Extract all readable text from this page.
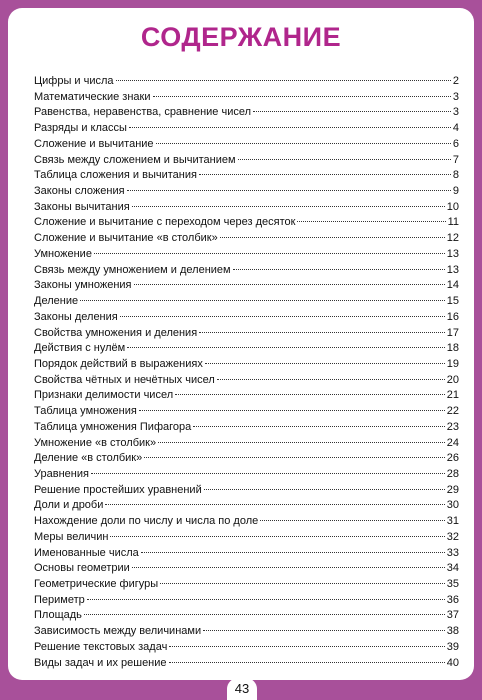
СОДЕРЖАНИЕ
Цифры и числа	2
Математические знаки	3
Равенства, неравенства, сравнение чисел	3
Разряды и классы	4
Сложение и вычитание	6
Связь между сложением и вычитанием	7
Таблица сложения и вычитания	8
Законы сложения	9
Законы вычитания	10
Сложение и вычитание с переходом через десяток	11
Сложение и вычитание «в столбик»	12
Умножение	13
Связь между умножением и делением	13
Законы умножения	14
Деление	15
Законы деления	16
Свойства умножения и деления	17
Действия с нулём	18
Порядок действий в выражениях	19
Свойства чётных и нечётных чисел	20
Признаки делимости чисел	21
Таблица умножения	22
Таблица умножения Пифагора	23
Умножение «в столбик»	24
Деление «в столбик»	26
Уравнения	28
Решение простейших уравнений	29
Доли и дроби	30
Нахождение доли по числу и числа по доле	31
Меры величин	32
Именованные числа	33
Основы геометрии	34
Геометрические фигуры	35
Периметр	36
Площадь	37
Зависимость между величинами	38
Решение текстовых задач	39
Виды задач и их решение	40
43
